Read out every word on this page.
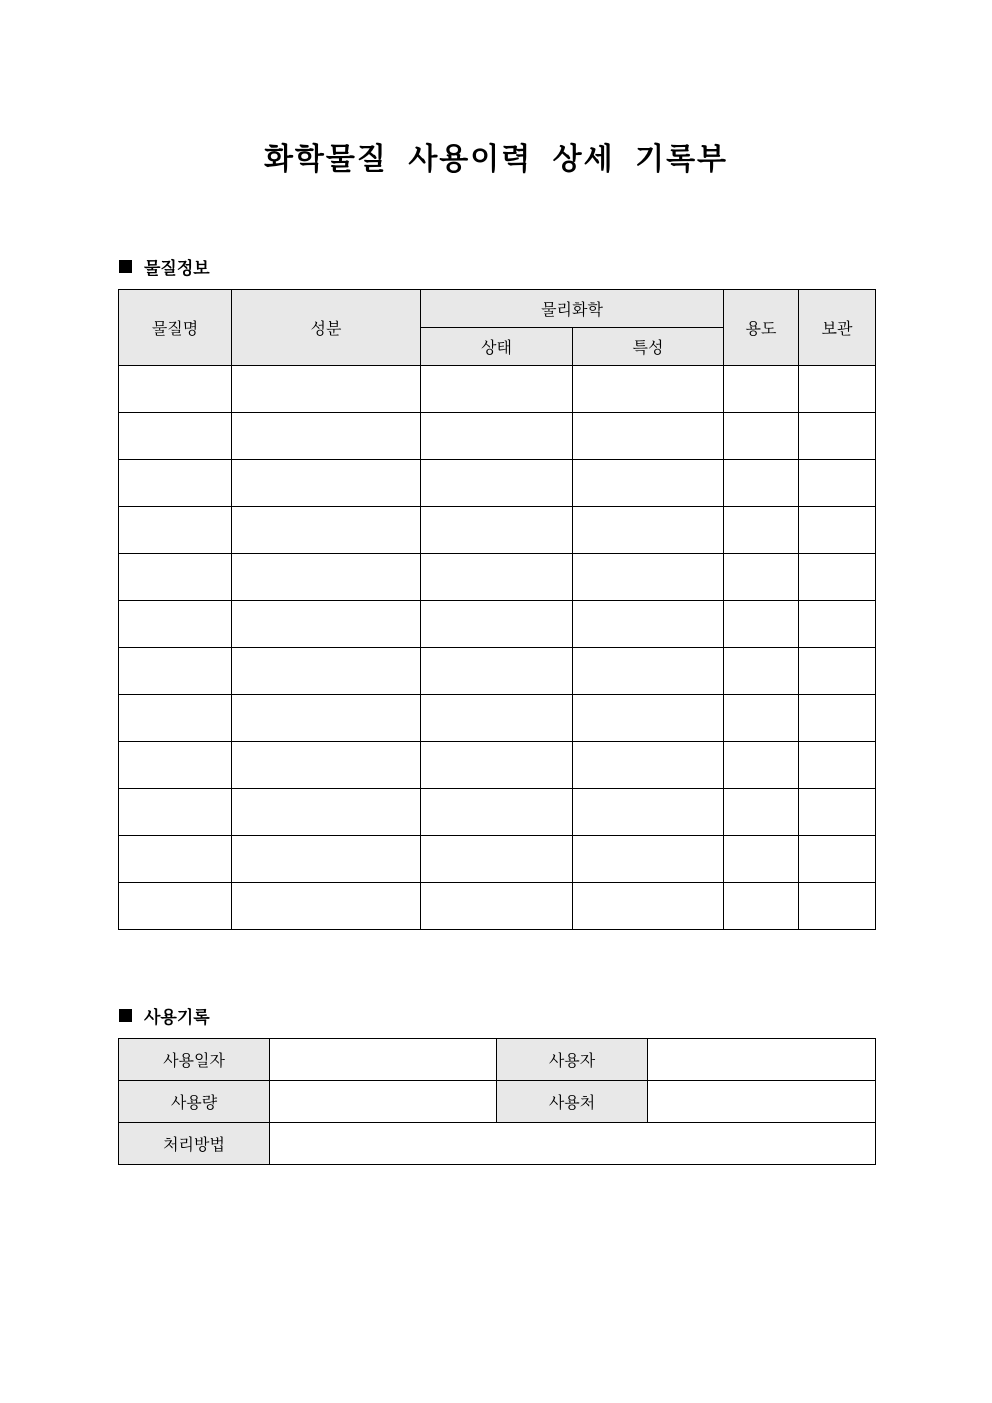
화학물질 사용이력 상세 기록부
물질정보
물질명	성분	물리화학		용도	보관
		상태	특성		

사용기록
사용일자		사용자	
사용량		사용처	
처리방법			
